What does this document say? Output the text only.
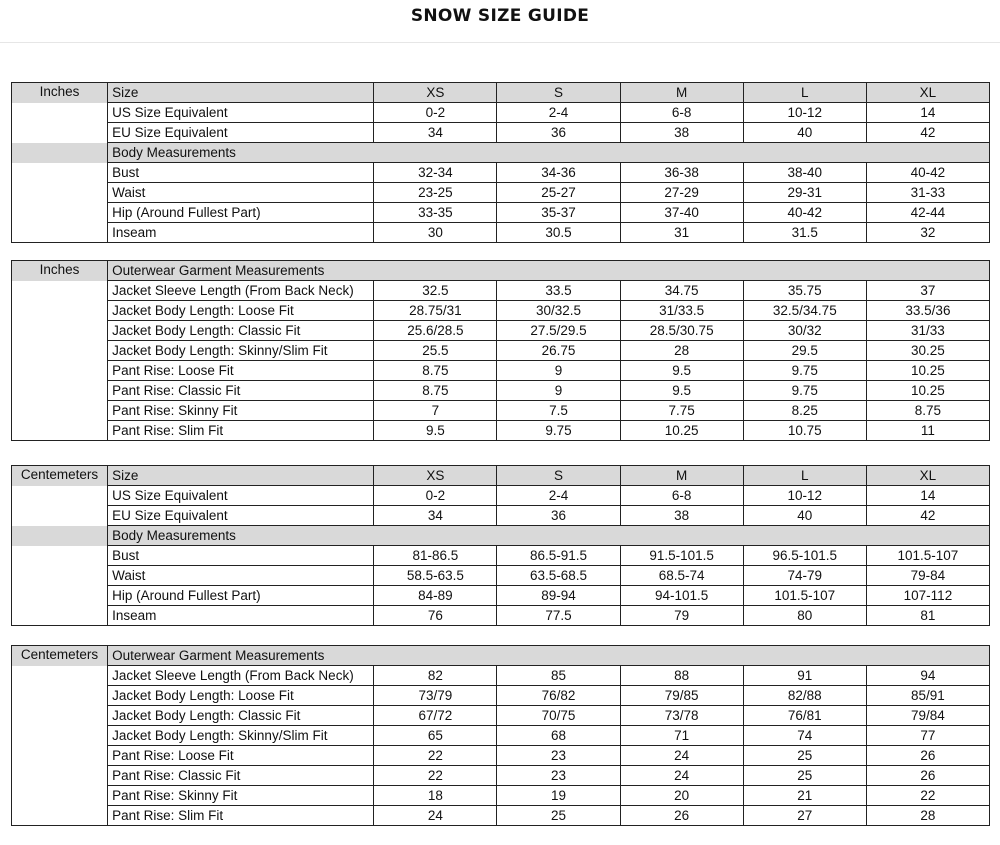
SNOW SIZE GUIDE
Inches	Size	XS	S	M	L	XL
	US Size Equivalent	0-2	2-4	6-8	10-12	14
	EU Size Equivalent	34	36	38	40	42
	Body Measurements					
	Bust	32-34	34-36	36-38	38-40	40-42
	Waist	23-25	25-27	27-29	29-31	31-33
	Hip (Around Fullest Part)	33-35	35-37	37-40	40-42	42-44
	Inseam	30	30.5	31	31.5	32
Inches	Outerwear Garment Measurements					
	Jacket Sleeve Length (From Back Neck)	32.5	33.5	34.75	35.75	37
	Jacket Body Length: Loose Fit	28.75/31	30/32.5	31/33.5	32.5/34.75	33.5/36
	Jacket Body Length: Classic Fit	25.6/28.5	27.5/29.5	28.5/30.75	30/32	31/33
	Jacket Body Length: Skinny/Slim Fit	25.5	26.75	28	29.5	30.25
	Pant Rise: Loose Fit	8.75	9	9.5	9.75	10.25
	Pant Rise: Classic Fit	8.75	9	9.5	9.75	10.25
	Pant Rise: Skinny Fit	7	7.5	7.75	8.25	8.75
	Pant Rise: Slim Fit	9.5	9.75	10.25	10.75	11
Centemeters	Size	XS	S	M	L	XL
	US Size Equivalent	0-2	2-4	6-8	10-12	14
	EU Size Equivalent	34	36	38	40	42
	Body Measurements					
	Bust	81-86.5	86.5-91.5	91.5-101.5	96.5-101.5	101.5-107
	Waist	58.5-63.5	63.5-68.5	68.5-74	74-79	79-84
	Hip (Around Fullest Part)	84-89	89-94	94-101.5	101.5-107	107-112
	Inseam	76	77.5	79	80	81
Centemeters	Outerwear Garment Measurements					
	Jacket Sleeve Length (From Back Neck)	82	85	88	91	94
	Jacket Body Length: Loose Fit	73/79	76/82	79/85	82/88	85/91
	Jacket Body Length: Classic Fit	67/72	70/75	73/78	76/81	79/84
	Jacket Body Length: Skinny/Slim Fit	65	68	71	74	77
	Pant Rise: Loose Fit	22	23	24	25	26
	Pant Rise: Classic Fit	22	23	24	25	26
	Pant Rise: Skinny Fit	18	19	20	21	22
	Pant Rise: Slim Fit	24	25	26	27	28
